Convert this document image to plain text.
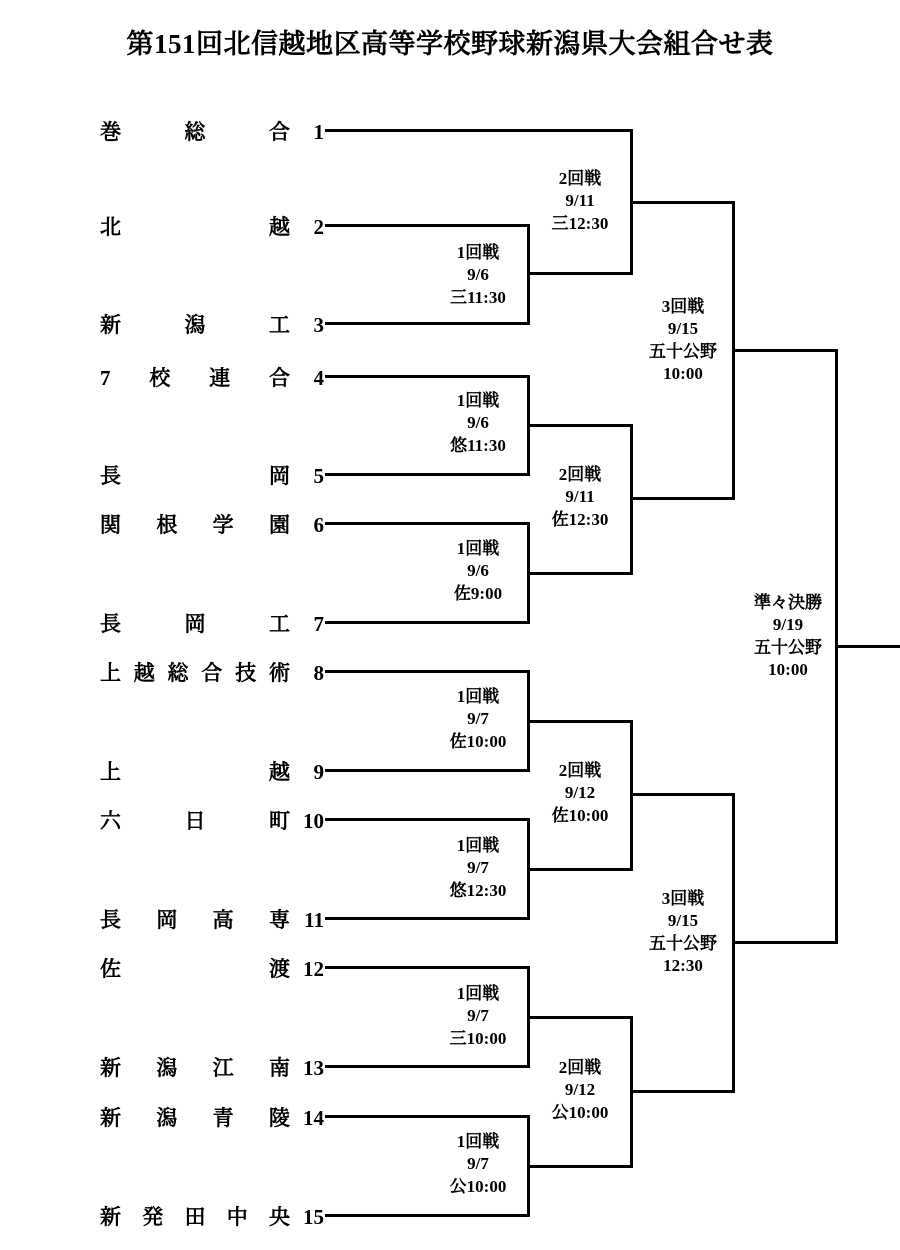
第151回北信越地区高等学校野球新潟県大会組合せ表
巻　総　合 1
北　　　越 2
新　潟　工 3
7　校　連　合 4
長　　　岡 5
関　根　学　園 6
長　岡　工 7
上越総合技術 8
上　　　越 9
六　日　町 10
長　岡　高　専 11
佐　　　渡 12
新　潟　江　南 13
新　潟　青　陵 14
新　発　田　中　央 15
1回戦
9/6
三11:30
1回戦
9/6
悠11:30
1回戦
9/6
佐9:00
1回戦
9/7
佐10:00
1回戦
9/7
悠12:30
1回戦
9/7
三10:00
1回戦
9/7
公10:00
2回戦
9/11
三12:30
2回戦
9/11
佐12:30
2回戦
9/12
佐10:00
2回戦
9/12
公10:00
3回戦
9/15
五十公野
10:00
3回戦
9/15
五十公野
12:30
準々決勝
9/19
五十公野
10:00
